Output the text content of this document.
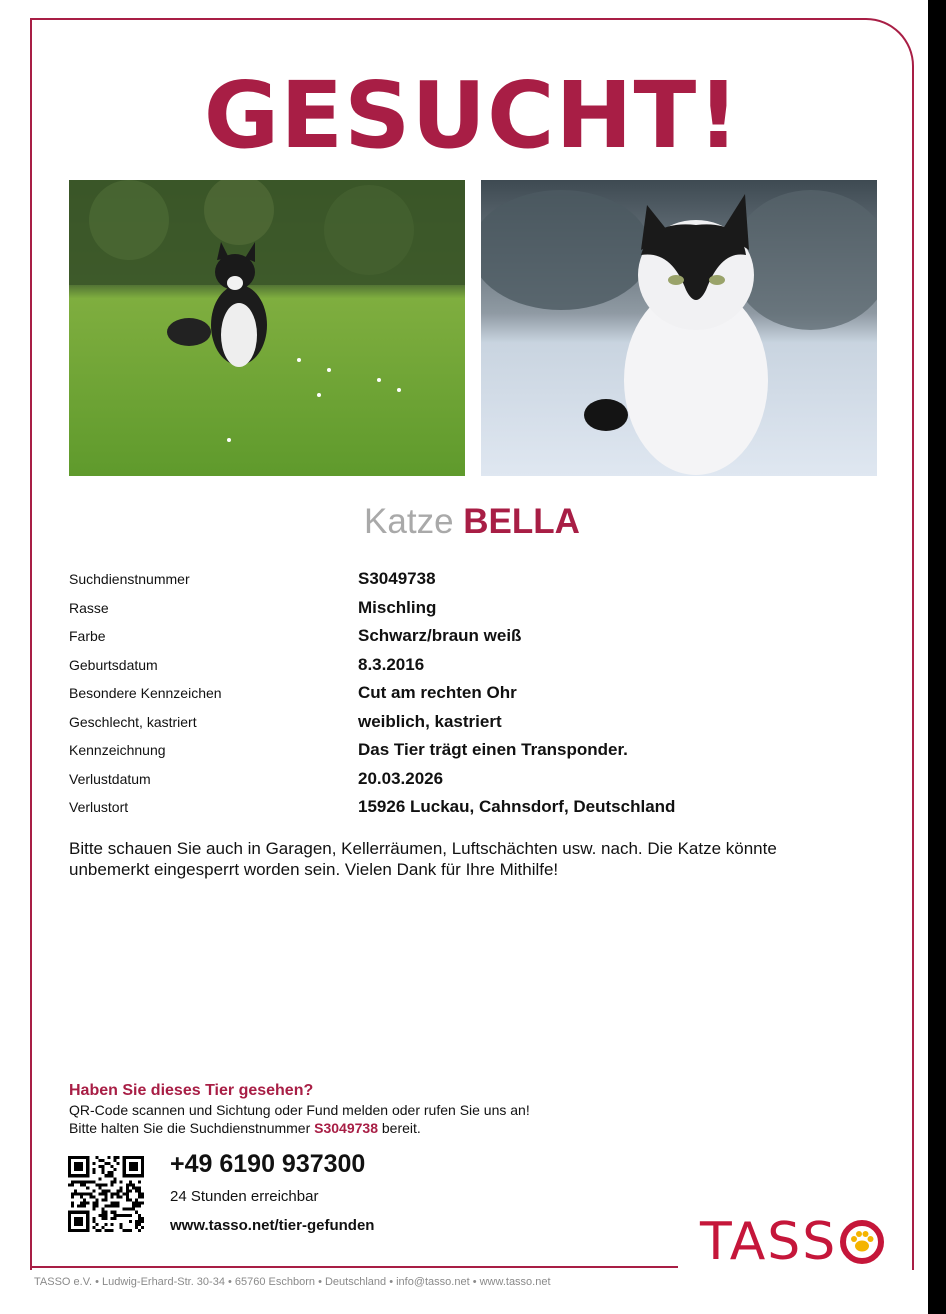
GESUCHT!
Katze BELLA
Suchdienstnummer	S3049738
Rasse	Mischling
Farbe	Schwarz/braun weiß
Geburtsdatum	8.3.2016
Besondere Kennzeichen	Cut am rechten Ohr
Geschlecht, kastriert	weiblich, kastriert
Kennzeichnung	Das Tier trägt einen Transponder.
Verlustdatum	20.03.2026
Verlustort	15926 Luckau, Cahnsdorf, Deutschland
Bitte schauen Sie auch in Garagen, Kellerräumen, Luftschächten usw. nach. Die Katze könnte unbemerkt eingesperrt worden sein. Vielen Dank für Ihre Mithilfe!
Haben Sie dieses Tier gesehen?
QR-Code scannen und Sichtung oder Fund melden oder rufen Sie uns an!
Bitte halten Sie die Suchdienstnummer S3049738 bereit.
+49 6190 937300
24 Stunden erreichbar
www.tasso.net/tier-gefunden	TASS
TASSO e.V. • Ludwig-Erhard-Str. 30-34 • 65760 Eschborn • Deutschland • info@tasso.net • www.tasso.net
